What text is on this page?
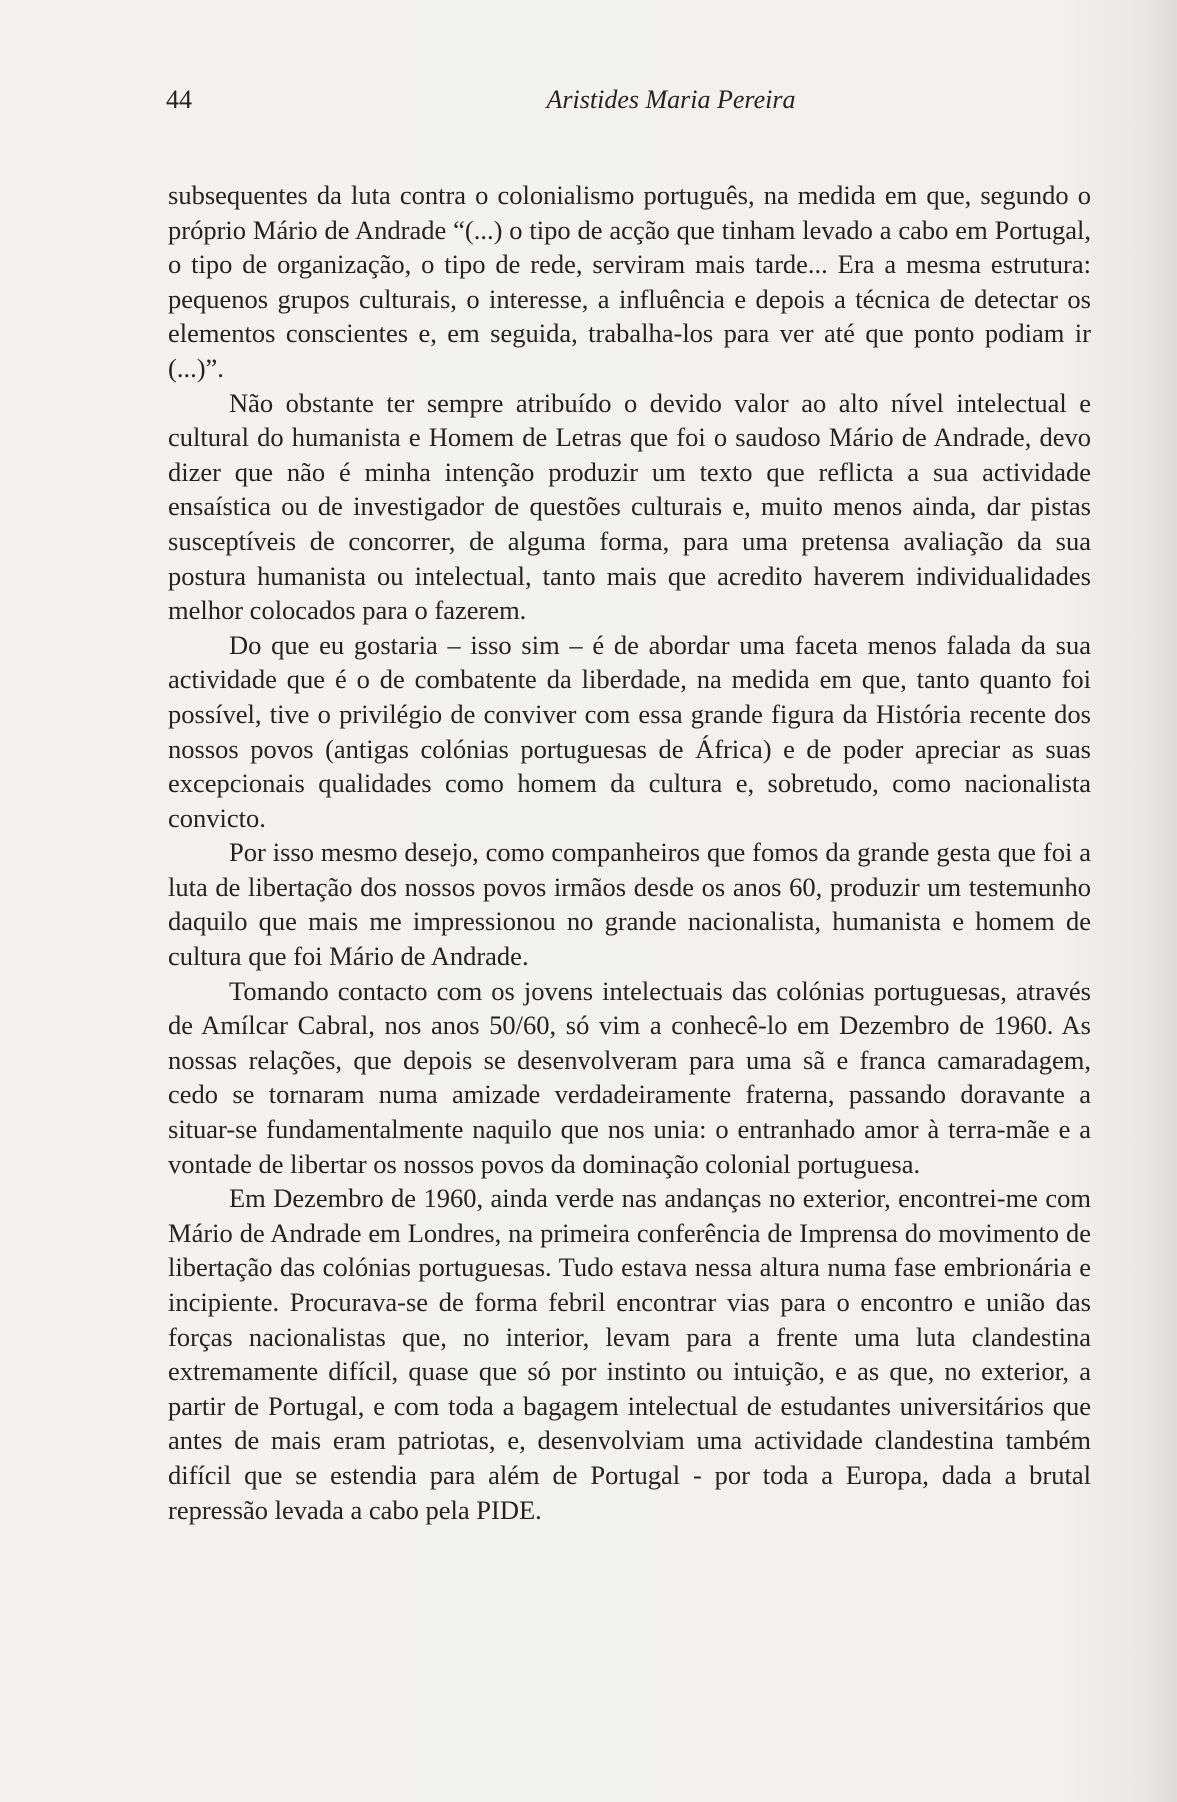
44	Aristides Maria Pereira

subsequentes da luta contra o colonialismo português, na medida em que, segundo o próprio Mário de Andrade “(...) o tipo de acção que tinham levado a cabo em Portugal, o tipo de organização, o tipo de rede, serviram mais tarde... Era a mesma estrutura: pequenos grupos culturais, o interesse, a influência e depois a técnica de detectar os elementos conscientes e, em seguida, trabalha-los para ver até que ponto podiam ir (...)”.

Não obstante ter sempre atribuído o devido valor ao alto nível intelectual e cultural do humanista e Homem de Letras que foi o saudoso Mário de Andrade, devo dizer que não é minha intenção produzir um texto que reflicta a sua actividade ensaística ou de investigador de questões culturais e, muito menos ainda, dar pistas susceptíveis de concorrer, de alguma forma, para uma pretensa avaliação da sua postura humanista ou intelectual, tanto mais que acredito haverem individualidades melhor colocados para o fazerem.

Do que eu gostaria – isso sim – é de abordar uma faceta menos falada da sua actividade que é o de combatente da liberdade, na medida em que, tanto quanto foi possível, tive o privilégio de conviver com essa grande figura da História recente dos nossos povos (antigas colónias portuguesas de África) e de poder apreciar as suas excepcionais qualidades como homem da cultura e, sobretudo, como nacionalista convicto.

Por isso mesmo desejo, como companheiros que fomos da grande gesta que foi a luta de libertação dos nossos povos irmãos desde os anos 60, produzir um testemunho daquilo que mais me impressionou no grande nacionalista, humanista e homem de cultura que foi Mário de Andrade.

Tomando contacto com os jovens intelectuais das colónias portuguesas, através de Amílcar Cabral, nos anos 50/60, só vim a conhecê-lo em Dezembro de 1960. As nossas relações, que depois se desenvolveram para uma sã e franca camaradagem, cedo se tornaram numa amizade verdadeiramente fraterna, passando doravante a situar-se fundamentalmente naquilo que nos unia: o entranhado amor à terra-mãe e a vontade de libertar os nossos povos da dominação colonial portuguesa.

Em Dezembro de 1960, ainda verde nas andanças no exterior, encontrei-me com Mário de Andrade em Londres, na primeira conferência de Imprensa do movimento de libertação das colónias portuguesas. Tudo estava nessa altura numa fase embrionária e incipiente. Procurava-se de forma febril encontrar vias para o encontro e união das forças nacionalistas que, no interior, levam para a frente uma luta clandestina extremamente difícil, quase que só por instinto ou intuição, e as que, no exterior, a partir de Portugal, e com toda a bagagem intelectual de estudantes universitários que antes de mais eram patriotas, e, desenvolviam uma actividade clandestina também difícil que se estendia para além de Portugal - por toda a Europa, dada a brutal repressão levada a cabo pela PIDE.
